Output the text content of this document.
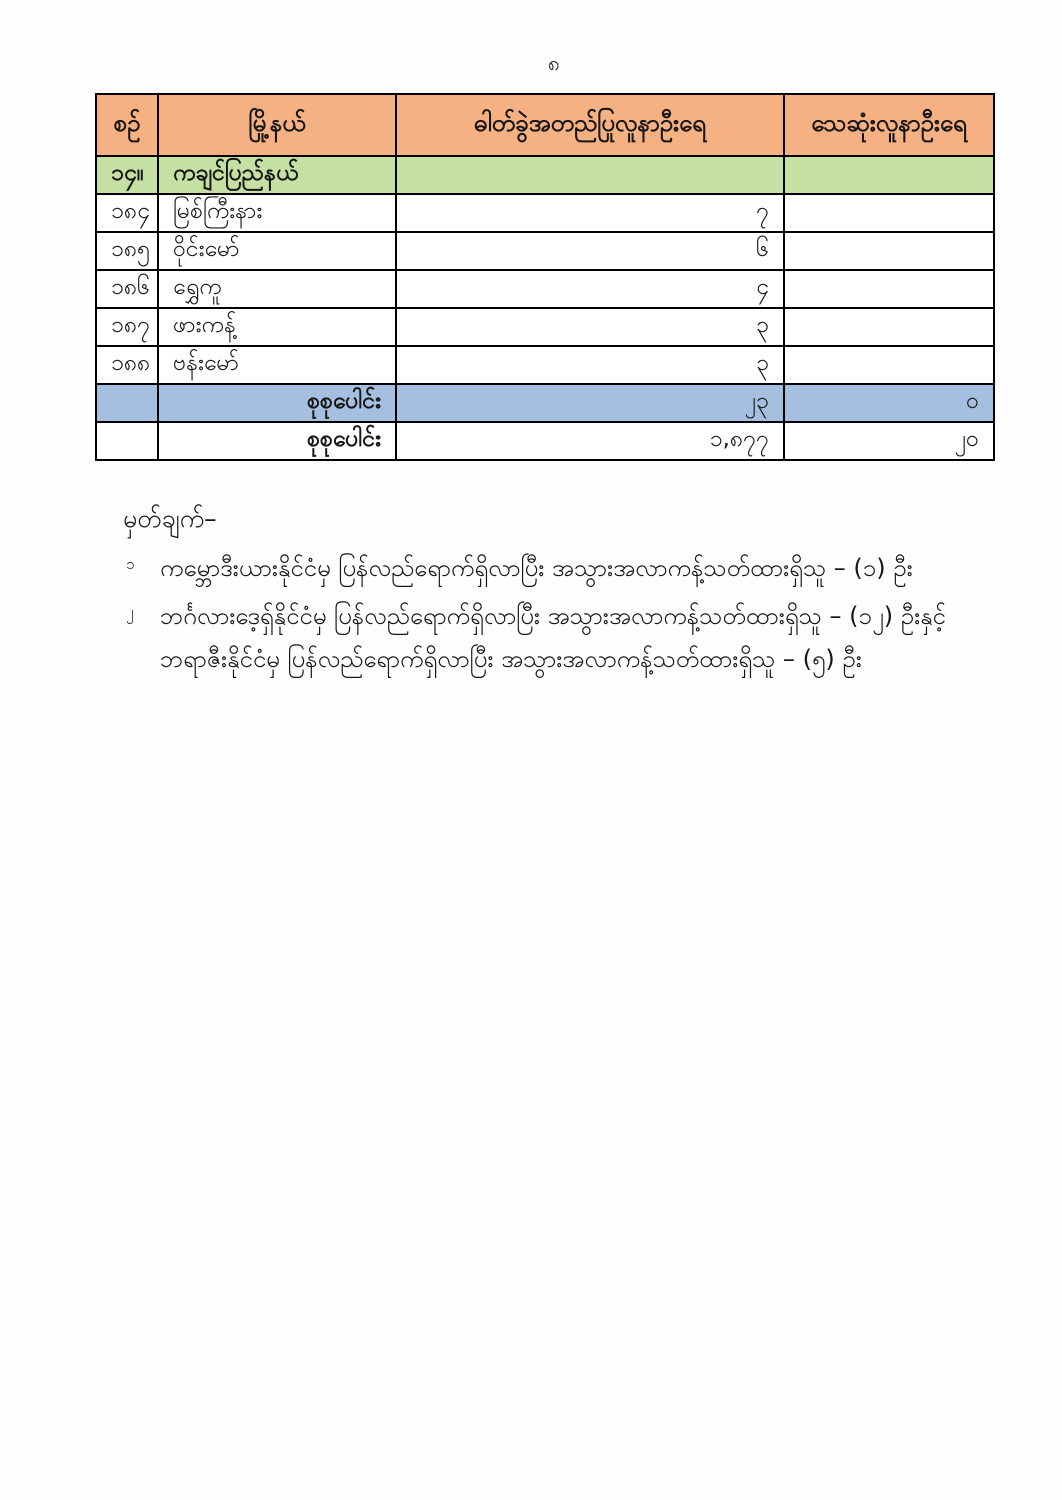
၈
စဉ်	မြို့နယ်	ဓါတ်ခွဲအတည်ပြုလူနာဦးရေ	သေဆုံးလူနာဦးရေ
၁၄။	ကချင်ပြည်နယ်		
၁၈၄	မြစ်ကြီးနား	၇	
၁၈၅	ဝိုင်းမော်	၆	
၁၈၆	ရွှေကူ	၄	
၁၈၇	ဖားကန့်	၃	
၁၈၈	ဗန်းမော်	၃	
	စုစုပေါင်း	၂၃	၀
	စုစုပေါင်း	၁,၈၇၇	၂၀
မှတ်ချက်–
၁	ကမ္ဘောဒီးယားနိုင်ငံမှ ပြန်လည်ရောက်ရှိလာပြီး အသွားအလာကန့်သတ်ထားရှိသူ – (၁) ဦး
၂	ဘင်္ဂလားဒေ့ရှ်နိုင်ငံမှ ပြန်လည်ရောက်ရှိလာပြီး အသွားအလာကန့်သတ်ထားရှိသူ – (၁၂) ဦးနှင့်
ဘရာဇီးနိုင်ငံမှ ပြန်လည်ရောက်ရှိလာပြီး အသွားအလာကန့်သတ်ထားရှိသူ – (၅) ဦး
